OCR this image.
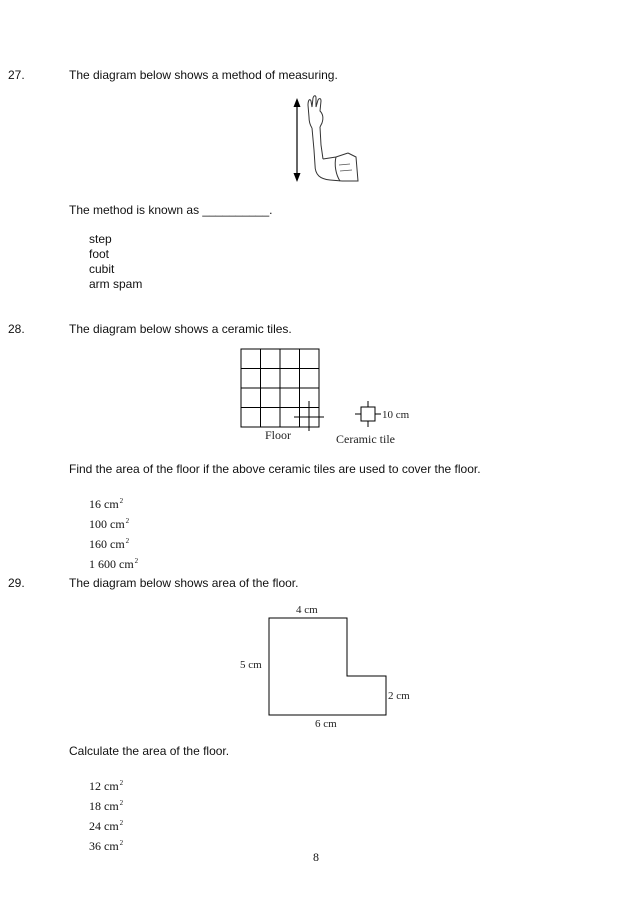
27.	The diagram below shows a method of measuring.
The method is known as __________.
step
foot
cubit
arm spam
28.	The diagram below shows a ceramic tiles.
10 cm
Floor	Ceramic tile
Find the area of the floor if the above ceramic tiles are used to cover the floor.
16 $cm^2$
100 $cm^2$
160 $cm^2$
1 600 $cm^2$
29.	The diagram below shows area of the floor.
4 cm
5 cm
2 cm
6 cm
Calculate the area of the floor.
12 $cm^2$
18 $cm^2$
24 $cm^2$
36 $cm^2$
8
